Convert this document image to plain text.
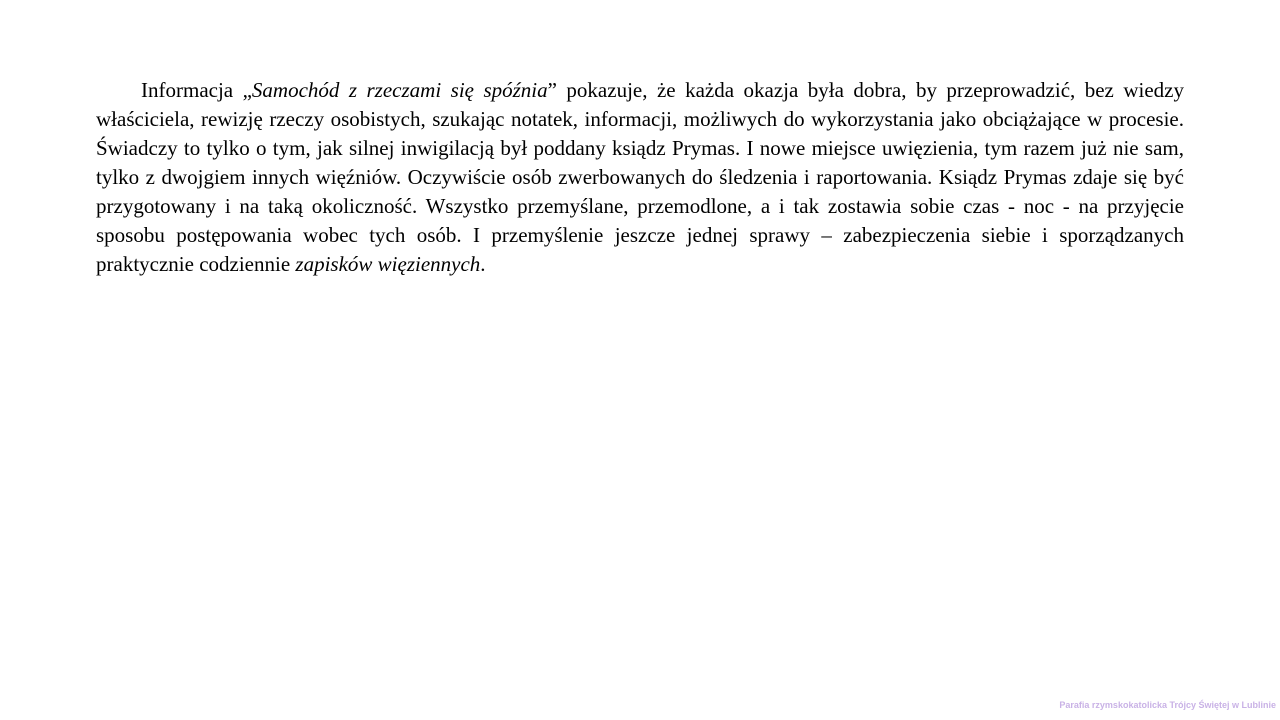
Informacja „Samochód z rzeczami się spóźnia” pokazuje, że każda okazja była dobra, by przeprowadzić, bez wiedzy właściciela, rewizję rzeczy osobistych, szukając notatek, informacji, możliwych do wykorzystania jako obciążające w procesie. Świadczy to tylko o tym, jak silnej inwigilacją był poddany ksiądz Prymas. I nowe miejsce uwięzienia, tym razem już nie sam, tylko z dwojgiem innych więźniów. Oczywiście osób zwerbowanych do śledzenia i raportowania. Ksiądz Prymas zdaje się być przygotowany i na taką okoliczność. Wszystko przemyślane, przemodlone, a i tak zostawia sobie czas - noc - na przyjęcie sposobu postępowania wobec tych osób. I przemyślenie jeszcze jednej sprawy – zabezpieczenia siebie i sporządzanych praktycznie codziennie zapisków więziennych.

Parafia rzymskokatolicka Trójcy Świętej w Lublinie
